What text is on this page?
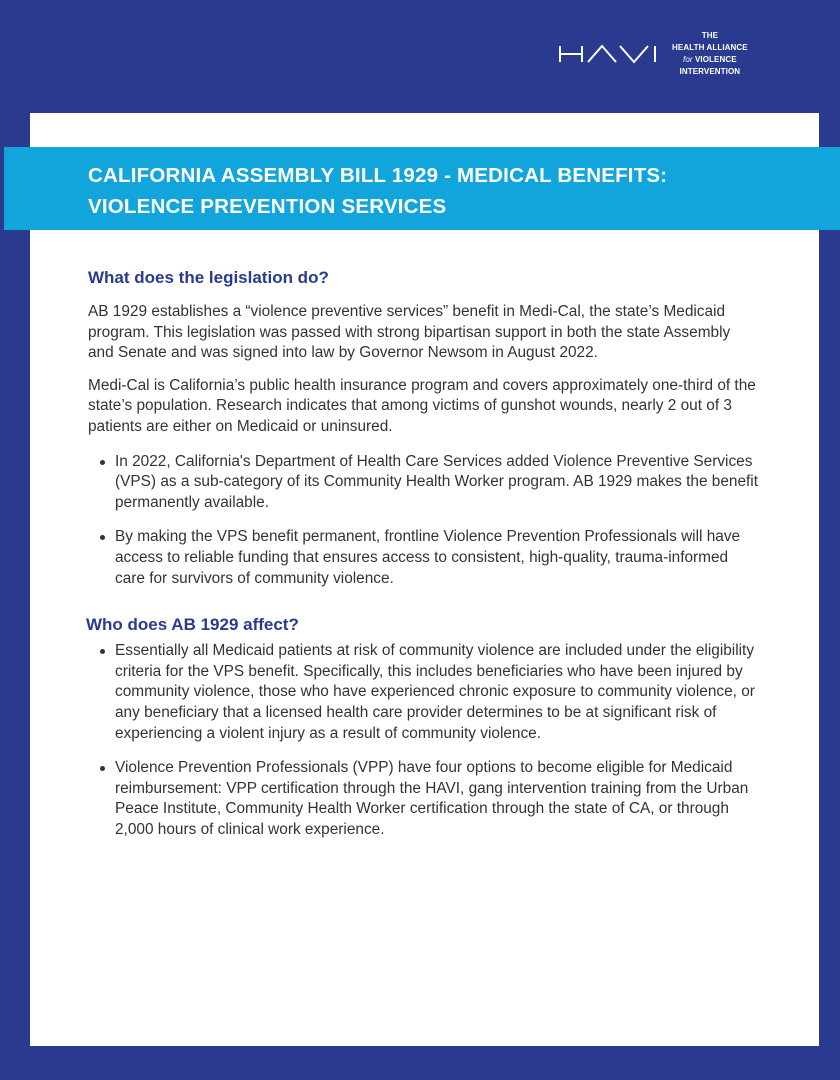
THE
HEALTH ALLIANCE
for VIOLENCE
INTERVENTION
CALIFORNIA ASSEMBLY BILL 1929 - MEDICAL BENEFITS:
VIOLENCE PREVENTION SERVICES
What does the legislation do?

AB 1929 establishes a “violence preventive services” benefit in Medi-Cal, the state’s Medicaid program. This legislation was passed with strong bipartisan support in both the state Assembly and Senate and was signed into law by Governor Newsom in August 2022.

Medi-Cal is California’s public health insurance program and covers approximately one-third of the state’s population. Research indicates that among victims of gunshot wounds, nearly 2 out of 3 patients are either on Medicaid or uninsured.

In 2022, California's Department of Health Care Services added Violence Preventive Services (VPS) as a sub-category of its Community Health Worker program. AB 1929 makes the benefit permanently available.
By making the VPS benefit permanent, frontline Violence Prevention Professionals will have access to reliable funding that ensures access to consistent, high-quality, trauma-informed care for survivors of community violence.
Who does AB 1929 affect?
Essentially all Medicaid patients at risk of community violence are included under the eligibility criteria for the VPS benefit. Specifically, this includes beneficiaries who have been injured by community violence, those who have experienced chronic exposure to community violence, or any beneficiary that a licensed health care provider determines to be at significant risk of experiencing a violent injury as a result of community violence.
Violence Prevention Professionals (VPP) have four options to become eligible for Medicaid reimbursement: VPP certification through the HAVI, gang intervention training from the Urban Peace Institute, Community Health Worker certification through the state of CA, or through 2,000 hours of clinical work experience.
